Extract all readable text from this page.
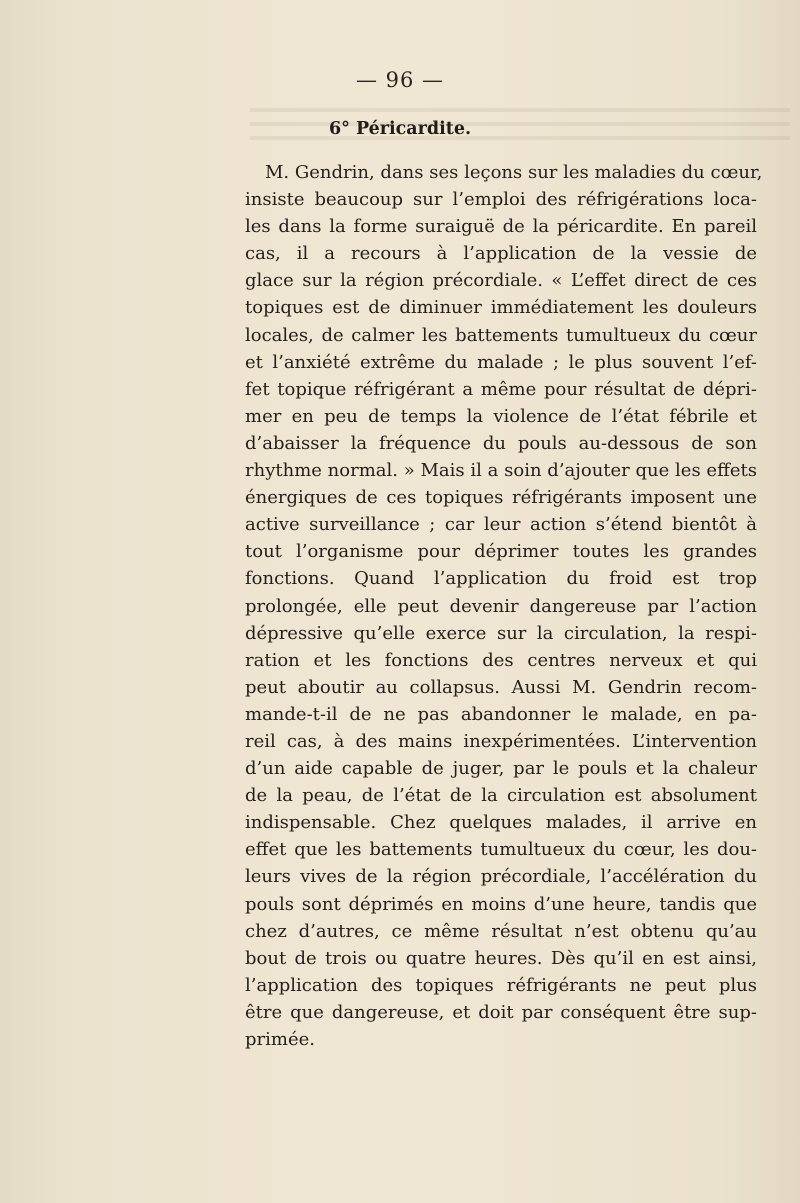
— 96 —
6° Péricardite.
M. Gendrin, dans ses leçons sur les maladies du cœur,
insiste beaucoup sur l’emploi des réfrigérations loca-
les dans la forme suraiguë de la péricardite. En pareil
cas, il a recours à l’application de la vessie de
glace sur la région précordiale. « L’effet direct de ces
topiques est de diminuer immédiatement les douleurs
locales, de calmer les battements tumultueux du cœur
et l’anxiété extrême du malade ; le plus souvent l’ef-
fet topique réfrigérant a même pour résultat de dépri-
mer en peu de temps la violence de l’état fébrile et
d’abaisser la fréquence du pouls au-dessous de son
rhythme normal. » Mais il a soin d’ajouter que les effets
énergiques de ces topiques réfrigérants imposent une
active surveillance ; car leur action s’étend bientôt à
tout l’organisme pour déprimer toutes les grandes
fonctions. Quand l’application du froid est trop
prolongée, elle peut devenir dangereuse par l’action
dépressive qu’elle exerce sur la circulation, la respi-
ration et les fonctions des centres nerveux et qui
peut aboutir au collapsus. Aussi M. Gendrin recom-
mande-t-il de ne pas abandonner le malade, en pa-
reil cas, à des mains inexpérimentées. L’intervention
d’un aide capable de juger, par le pouls et la chaleur
de la peau, de l’état de la circulation est absolument
indispensable. Chez quelques malades, il arrive en
effet que les battements tumultueux du cœur, les dou-
leurs vives de la région précordiale, l’accélération du
pouls sont déprimés en moins d’une heure, tandis que
chez d’autres, ce même résultat n’est obtenu qu’au
bout de trois ou quatre heures. Dès qu’il en est ainsi,
l’application des topiques réfrigérants ne peut plus
être que dangereuse, et doit par conséquent être sup-
primée.
